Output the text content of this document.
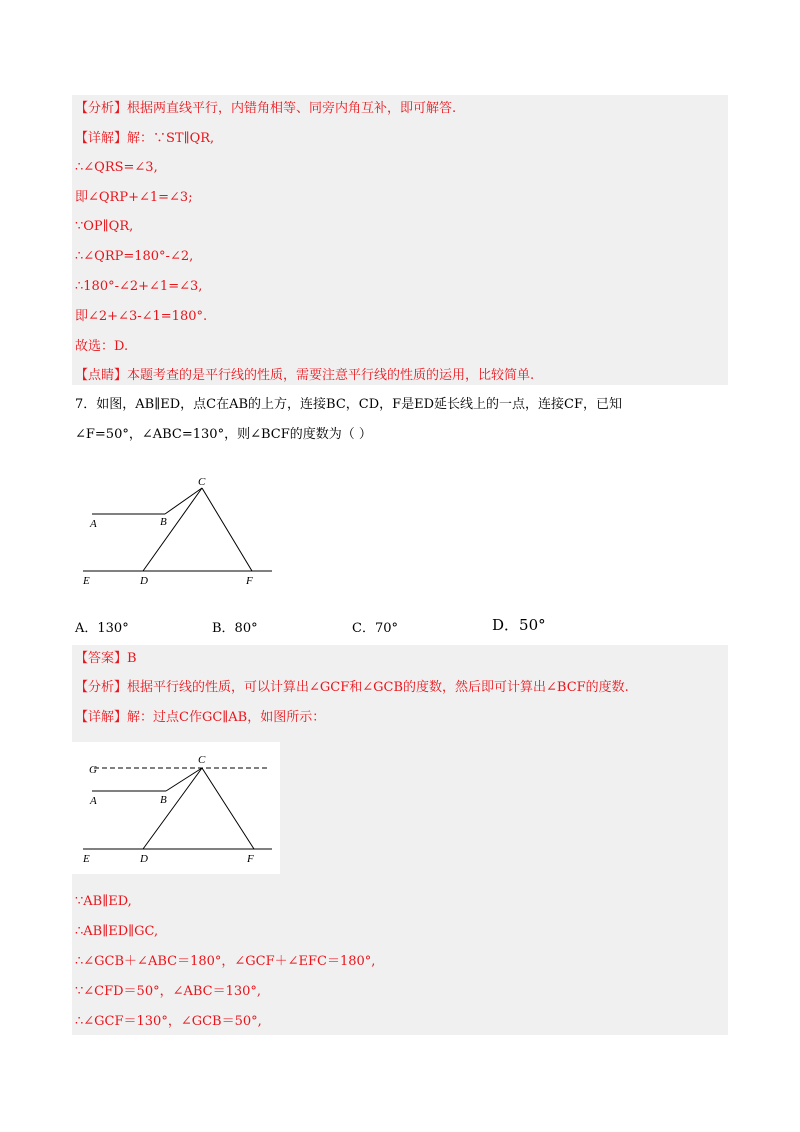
【分析】根据两直线平行，内错角相等、同旁内角互补，即可解答.
【详解】解：∵ST∥QR,
∴∠QRS=∠3,
即∠QRP+∠1=∠3;
∵OP∥QR,
∴∠QRP=180°-∠2,
∴180°-∠2+∠1=∠3,
即∠2+∠3-∠1=180°.
故选：D.
【点睛】本题考查的是平行线的性质，需要注意平行线的性质的运用，比较简单.
7．如图，AB∥ED，点C在AB的上方，连接BC，CD，F是ED延长线上的一点，连接CF，已知
∠F=50°，∠ABC=130°，则∠BCF的度数为（ ）
C
A	B
E	D	F
A．130°	B．80°	C．70°	D．50°
【答案】B
【分析】根据平行线的性质，可以计算出∠GCF和∠GCB的度数，然后即可计算出∠BCF的度数.
【详解】解：过点C作GC∥AB，如图所示：
G
C
A	B
E	D	F
∵AB∥ED,
∴AB∥ED∥GC,
∴∠GCB＋∠ABC＝180°，∠GCF＋∠EFC＝180°,
∵∠CFD＝50°，∠ABC＝130°,
∴∠GCF＝130°，∠GCB＝50°,
